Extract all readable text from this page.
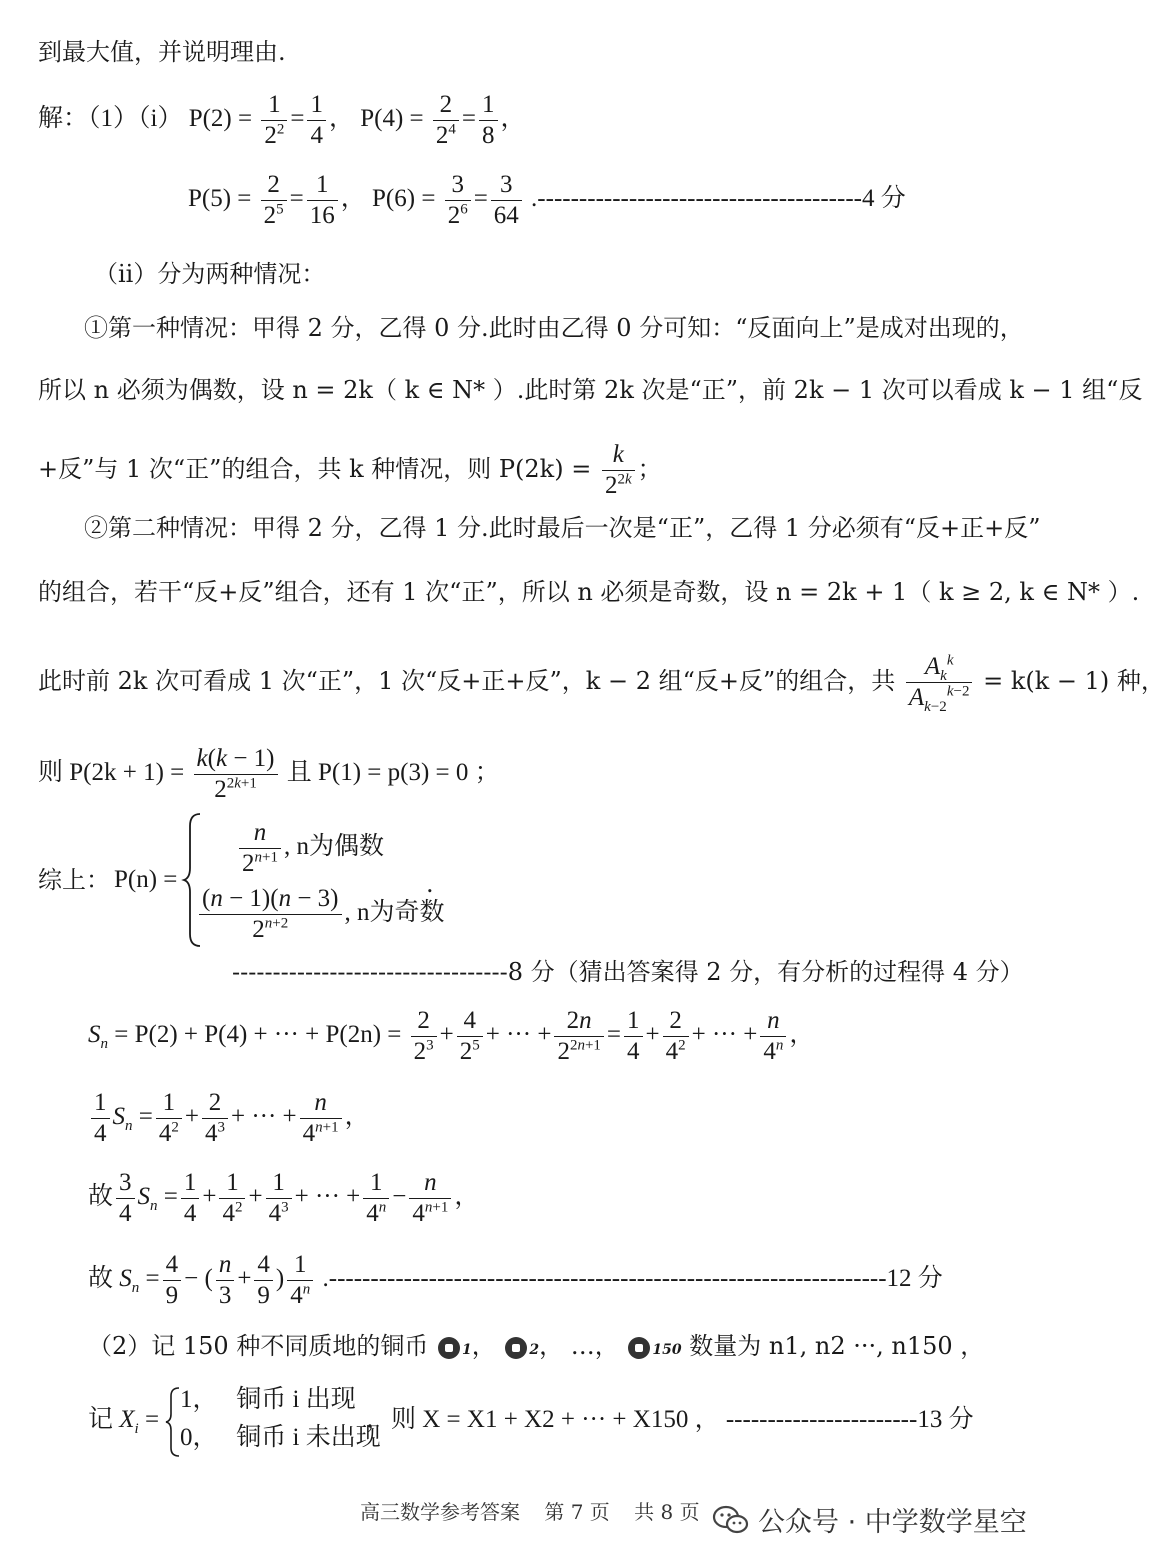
到最大值，并说明理由.
解：（1）（i） $P(2) = \frac{1}{2^2} = \frac{1}{4}$ ， $P(4) = \frac{2}{2^4} = \frac{1}{8}$ ，
$P(5) = \frac{2}{2^5} = \frac{1}{16}$ ， $P(6) = \frac{3}{2^6} = \frac{3}{64} .---------------------------------------4$ 分
（ii）分为两种情况：
①第一种情况：甲得 2 分，乙得 0 分.此时由乙得 0 分可知：“反面向上”是成对出现的，
所以 n 必须为偶数，设 n = 2k（ k ∈ N* ）.此时第 2k 次是“正”，前 2k − 1 次可以看成 k − 1 组“反
+反”与 1 次“正”的组合，共 k 种情况，则 $P(2k) = \frac{k}{2^{2k}}$ ；
②第二种情况：甲得 2 分，乙得 1 分.此时最后一次是“正”，乙得 1 分必须有“反+正+反”
的组合，若干“反+反”组合，还有 1 次“正”，所以 n 必须是奇数，设 n = 2k + 1（ k ≥ 2, k ∈ N* ）.
此时前 2k 次可看成 1 次“正”，1 次“反+正+反”，k − 2 组“反+反”的组合，共 $\frac{A_k^k}{A_{k-2}^{k-2}} = k(k - 1)$ 种，
则 $P(2k + 1) = \frac{k(k - 1)}{2^{2k+1}}$ 且 P(1) = p(3) = 0 ；
综上： P(n) =
$\frac{n}{2^{n+1}}$ , n为偶数
$\frac{(n - 1)(n - 3)}{2^{n+2}}$ , n为奇数
.
----------------------------------8 分（猜出答案得 2 分，有分析的过程得 4 分）
$S_n = P(2) + P(4)$ + ··· + $P(2n) = \frac{2}{2^3} + \frac{4}{2^5}$ + ··· + $\frac{2n}{2^{2n+1}} = \frac{1}{4} + \frac{2}{4^2}$ + ··· + $\frac{n}{4^n}$ ，
$\frac{1}{4} S_n = \frac{1}{4^2} + \frac{2}{4^3}$ + ··· + $\frac{n}{4^{n+1}}$ ，
故 $\frac{3}{4} S_n = \frac{1}{4} + \frac{1}{4^2} + \frac{1}{4^3}$ + ··· + $\frac{1}{4^n} - \frac{n}{4^{n+1}}$ ，
故 $S_n = \frac{4}{9}$ − ( $\frac{n}{3} + \frac{4}{9}$ ) $\frac{1}{4^n} .-------------------------------------------------------------------12$ 分
（2）记 150 种不同质地的铜币 1， 2， …， 150 数量为 n1, n2 ···, n150 ，
记 $X_i$ =
1，   铜币 i 出现
0，   铜币 i 未出现
，则 X = X1 + X2 + ··· + X150 ， -----------------------13 分
高三数学参考答案 第 7 页 共 8 页	公众号 · 中学数学星空
